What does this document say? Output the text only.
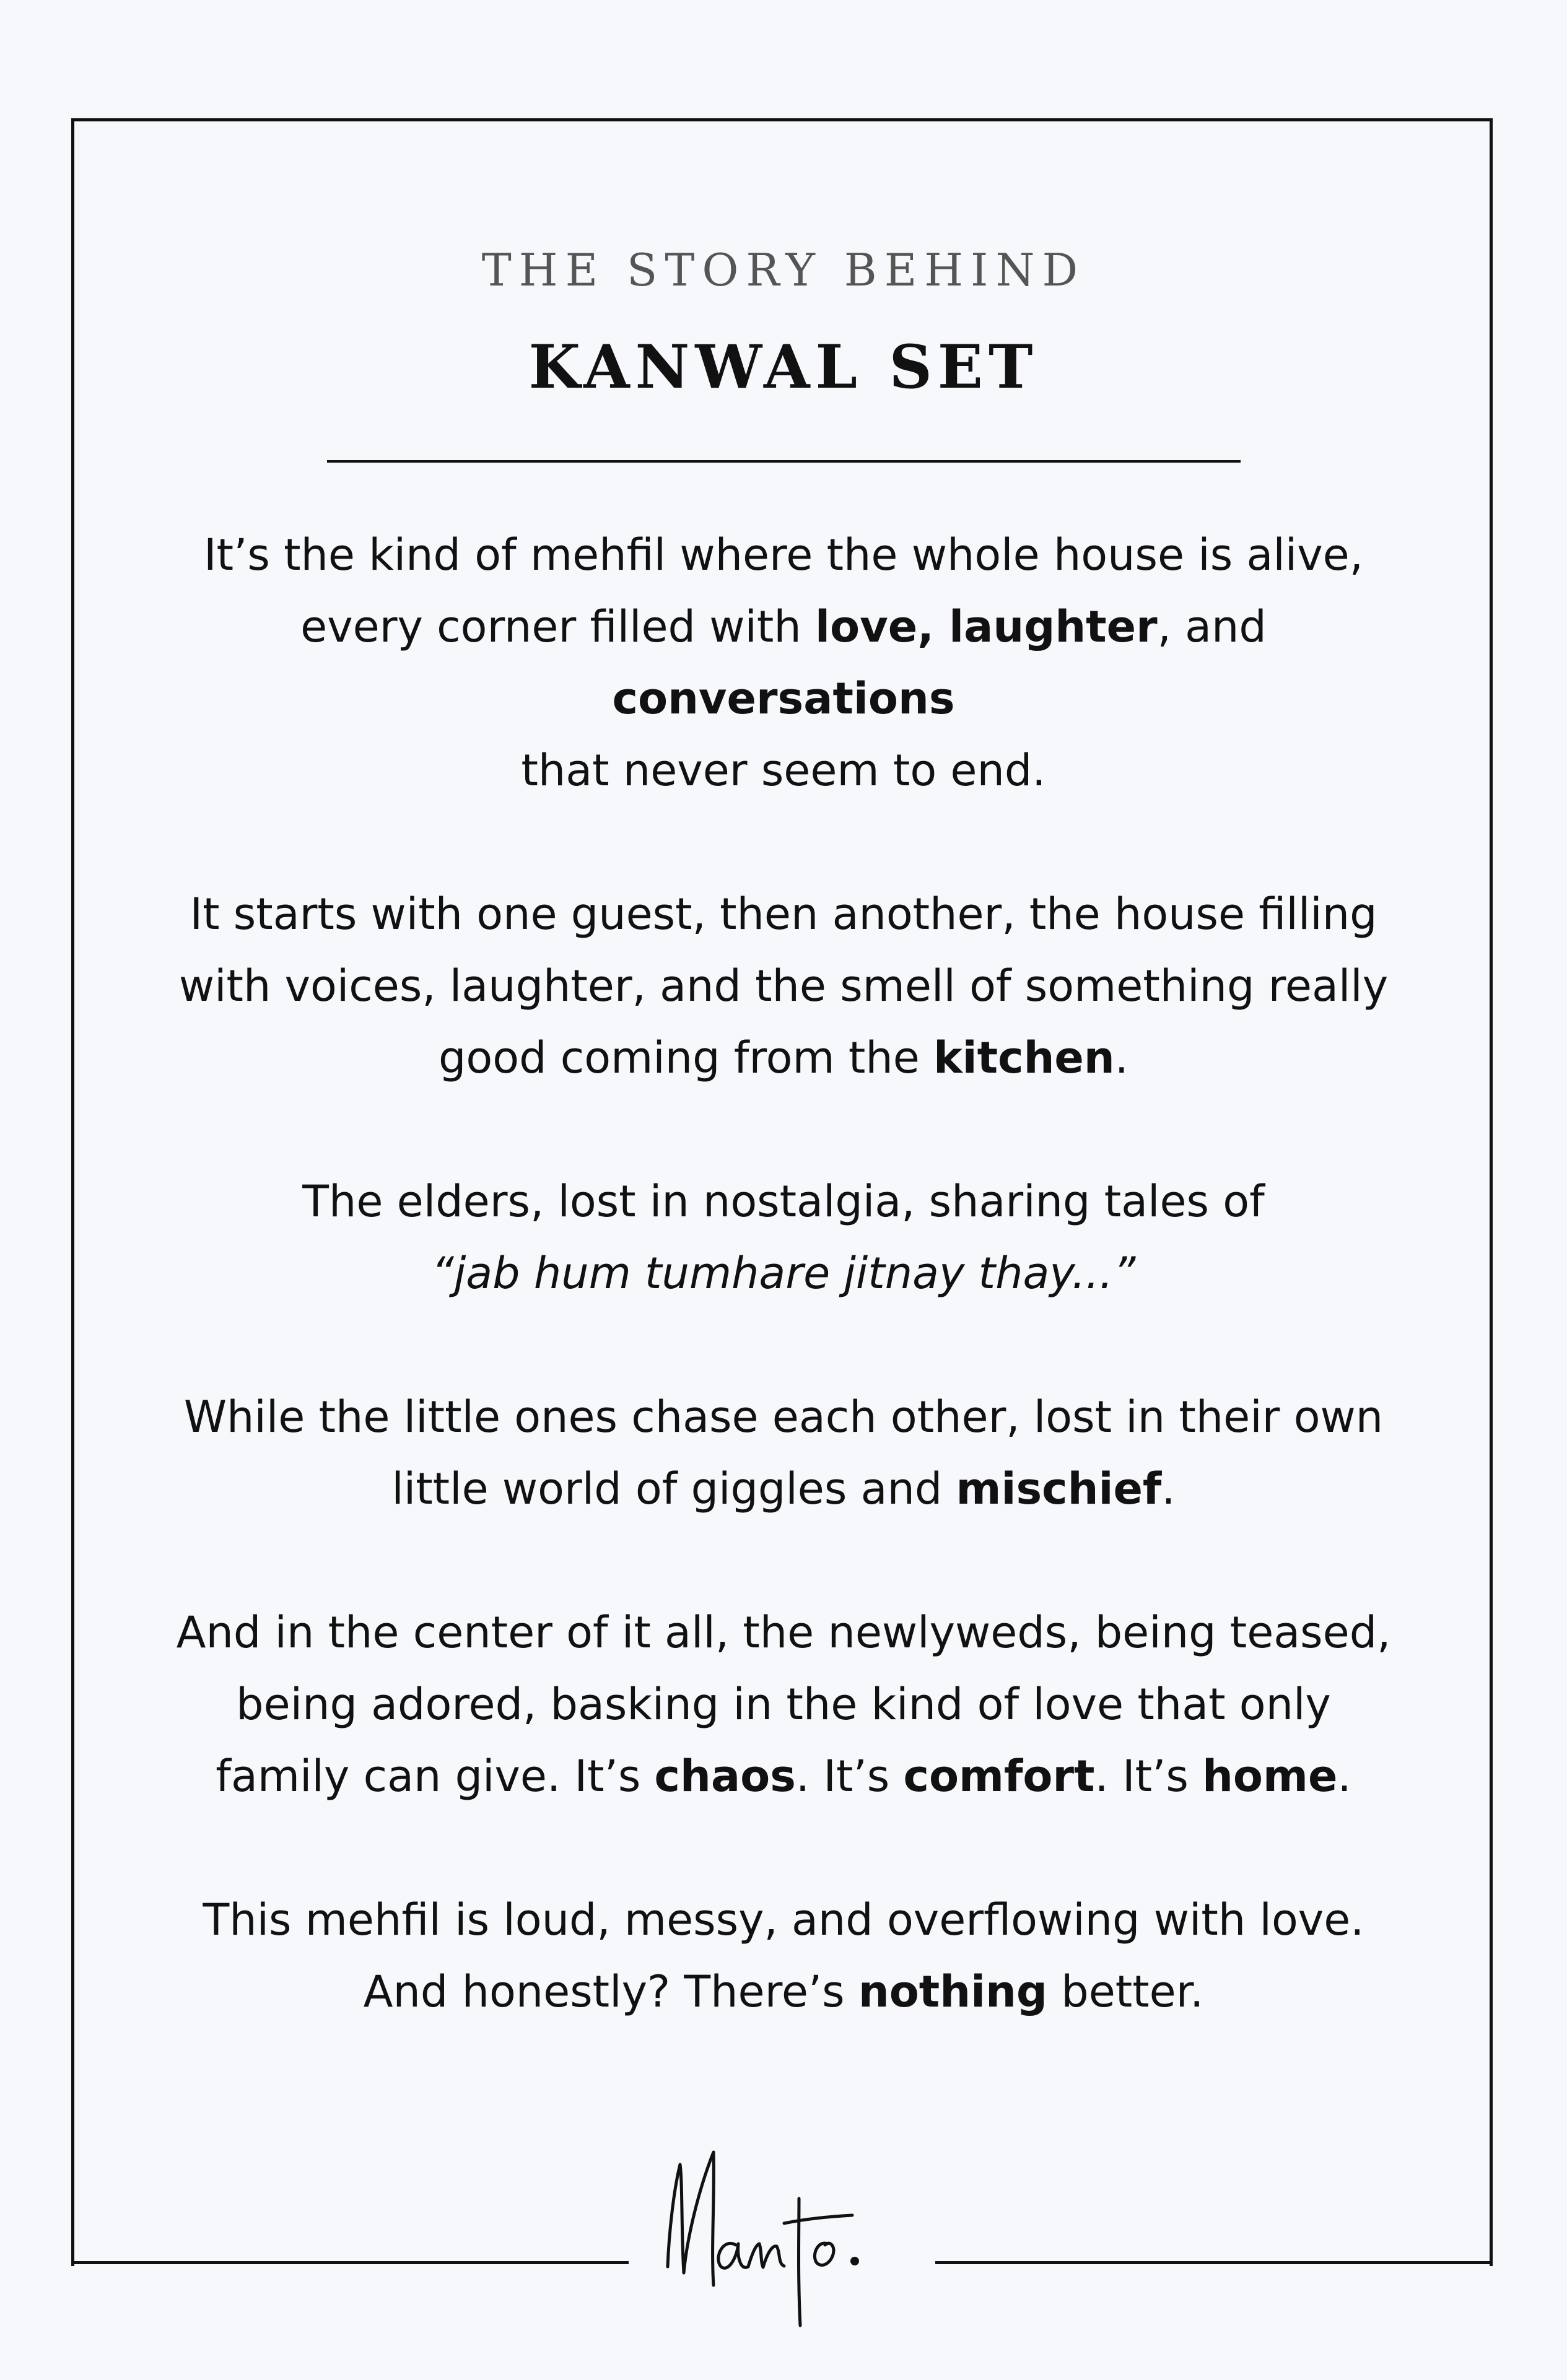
THE STORY BEHIND
KANWAL SET

It’s the kind of mehfil where the whole house is alive,
every corner filled with love, laughter, and
conversations
that never seem to end.

It starts with one guest, then another, the house filling
with voices, laughter, and the smell of something really
good coming from the kitchen.

The elders, lost in nostalgia, sharing tales of
“jab hum tumhare jitnay thay...”

While the little ones chase each other, lost in their own
little world of giggles and mischief.

And in the center of it all, the newlyweds, being teased,
being adored, basking in the kind of love that only
family can give. It’s chaos. It’s comfort. It’s home.

This mehfil is loud, messy, and overflowing with love.
And honestly? There’s nothing better.
